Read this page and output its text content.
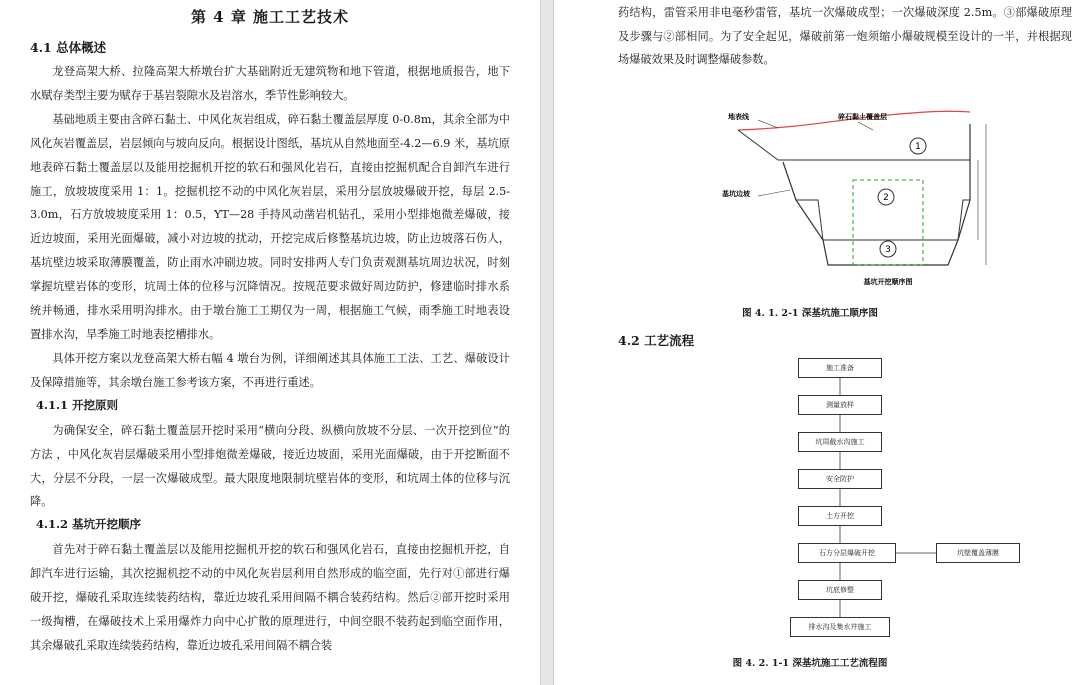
第 4 章 施工工艺技术
4.1 总体概述

龙登高架大桥、拉隆高架大桥墩台扩大基础附近无建筑物和地下管道，根据地质报告，地下水赋存类型主要为赋存于基岩裂隙水及岩溶水，季节性影响较大。

基础地质主要由含碎石黏土、中风化灰岩组成，碎石黏土覆盖层厚度 0-0.8m，其余全部为中风化灰岩覆盖层，岩层倾向与坡向反向。根据设计图纸，基坑从自然地面至-4.2—6.9 米，基坑原地表碎石黏土覆盖层以及能用挖掘机开挖的软石和强风化岩石，直接由挖掘机配合自卸汽车进行施工，放坡坡度采用 1：1。挖掘机挖不动的中风化灰岩层，采用分层放坡爆破开挖，每层 2.5-3.0m，石方放坡坡度采用 1：0.5，YT—28 手持风动凿岩机钻孔，采用小型排炮微差爆破，接近边坡面，采用光面爆破，减小对边坡的扰动，开挖完成后修整基坑边坡，防止边坡落石伤人，基坑壁边坡采取薄膜覆盖，防止雨水冲刷边坡。同时安排两人专门负责观测基坑周边状况，时刻掌握坑壁岩体的变形，坑周土体的位移与沉降情况。按规范要求做好周边防护，修建临时排水系统并畅通，排水采用明沟排水。由于墩台施工工期仅为一周，根据施工气候，雨季施工时地表设置排水沟，旱季施工时地表挖槽排水。

具体开挖方案以龙登高架大桥右幅 4 墩台为例，详细阐述其具体施工工法、工艺、爆破设计及保障措施等，其余墩台施工参考该方案，不再进行重述。

4.1.1 开挖原则

为确保安全，碎石黏土覆盖层开挖时采用“横向分段、纵横向放坡不分层、一次开挖到位”的方法 ，中风化灰岩层爆破采用小型排炮微差爆破，接近边坡面，采用光面爆破，由于开挖断面不大，分层不分段，一层一次爆破成型。最大限度地限制坑壁岩体的变形，和坑周土体的位移与沉降。

4.1.2 基坑开挖顺序

首先对于碎石黏土覆盖层以及能用挖掘机开挖的软石和强风化岩石，直接由挖掘机开挖，自卸汽车进行运输，其次挖掘机挖不动的中风化灰岩层利用自然形成的临空面，先行对①部进行爆破开挖，爆破孔采取连续装药结构，靠近边坡孔采用间隔不耦合装药结构。然后②部开挖时采用一级掏槽，在爆破技术上采用爆炸力向中心扩散的原理进行，中间空眼不装药起到临空面作用，其余爆破孔采取连续装药结构，靠近边坡孔采用间隔不耦合装

药结构，雷管采用非电毫秒雷管，基坑一次爆破成型；一次爆破深度 2.5m。③部爆破原理及步骤与②部相同。为了安全起见，爆破前第一炮须缩小爆破规模至设计的一半，并根据现场爆破效果及时调整爆破参数。

1
2
3
地表线	碎石黏土覆盖层
基坑边坡
基坑开挖顺序图
图 4. 1. 2-1 深基坑施工顺序图
4.2 工艺流程
施工准备
测量放样
坑周截水沟施工
安全防护
土方开挖
石方分层爆破开挖
坑底修整
排水沟及集水井施工
坑壁覆盖薄膜
图 4. 2. 1-1 深基坑施工工艺流程图
